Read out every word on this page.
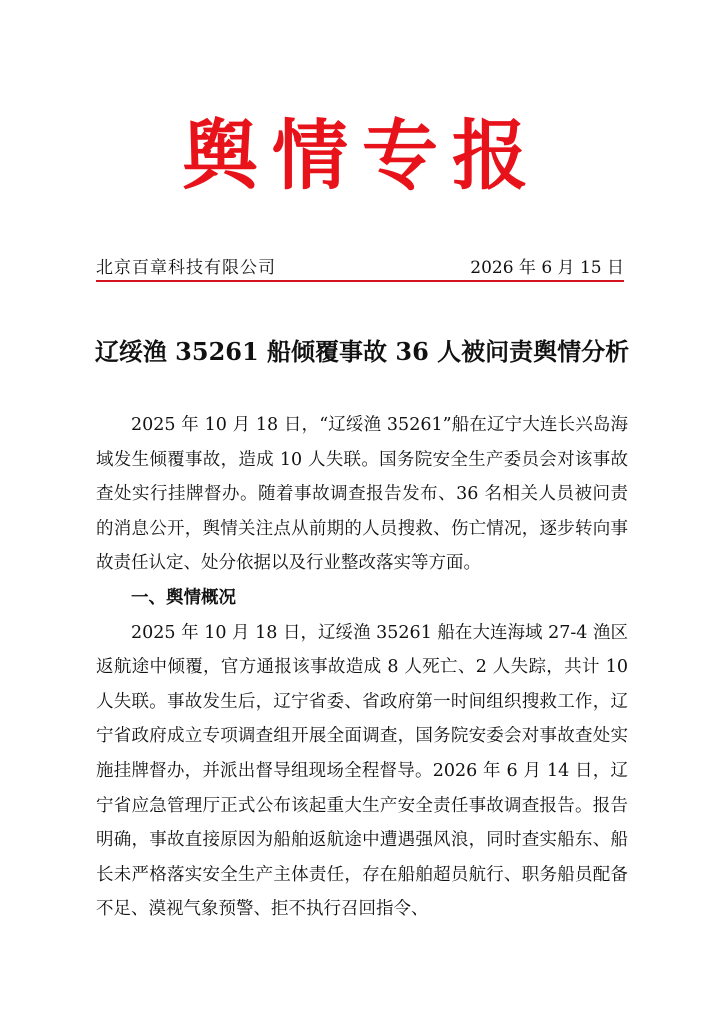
舆情专报
北京百章科技有限公司	2026 年 6 月 15 日
辽绥渔 35261 船倾覆事故 36 人被问责舆情分析

2025 年 10 月 18 日，“辽绥渔 35261”船在辽宁大连长兴岛海域发生倾覆事故，造成 10 人失联。国务院安全生产委员会对该事故查处实行挂牌督办。随着事故调查报告发布、36 名相关人员被问责的消息公开，舆情关注点从前期的人员搜救、伤亡情况，逐步转向事故责任认定、处分依据以及行业整改落实等方面。

一、舆情概况

2025 年 10 月 18 日，辽绥渔 35261 船在大连海域 27-4 渔区返航途中倾覆，官方通报该事故造成 8 人死亡、2 人失踪，共计 10 人失联。事故发生后，辽宁省委、省政府第一时间组织搜救工作，辽宁省政府成立专项调查组开展全面调查，国务院安委会对事故查处实施挂牌督办，并派出督导组现场全程督导。2026 年 6 月 14 日，辽宁省应急管理厅正式公布该起重大生产安全责任事故调查报告。报告明确，事故直接原因为船舶返航途中遭遇强风浪，同时查实船东、船长未严格落实安全生产主体责任，存在船舶超员航行、职务船员配备不足、漠视气象预警、拒不执行召回指令、
